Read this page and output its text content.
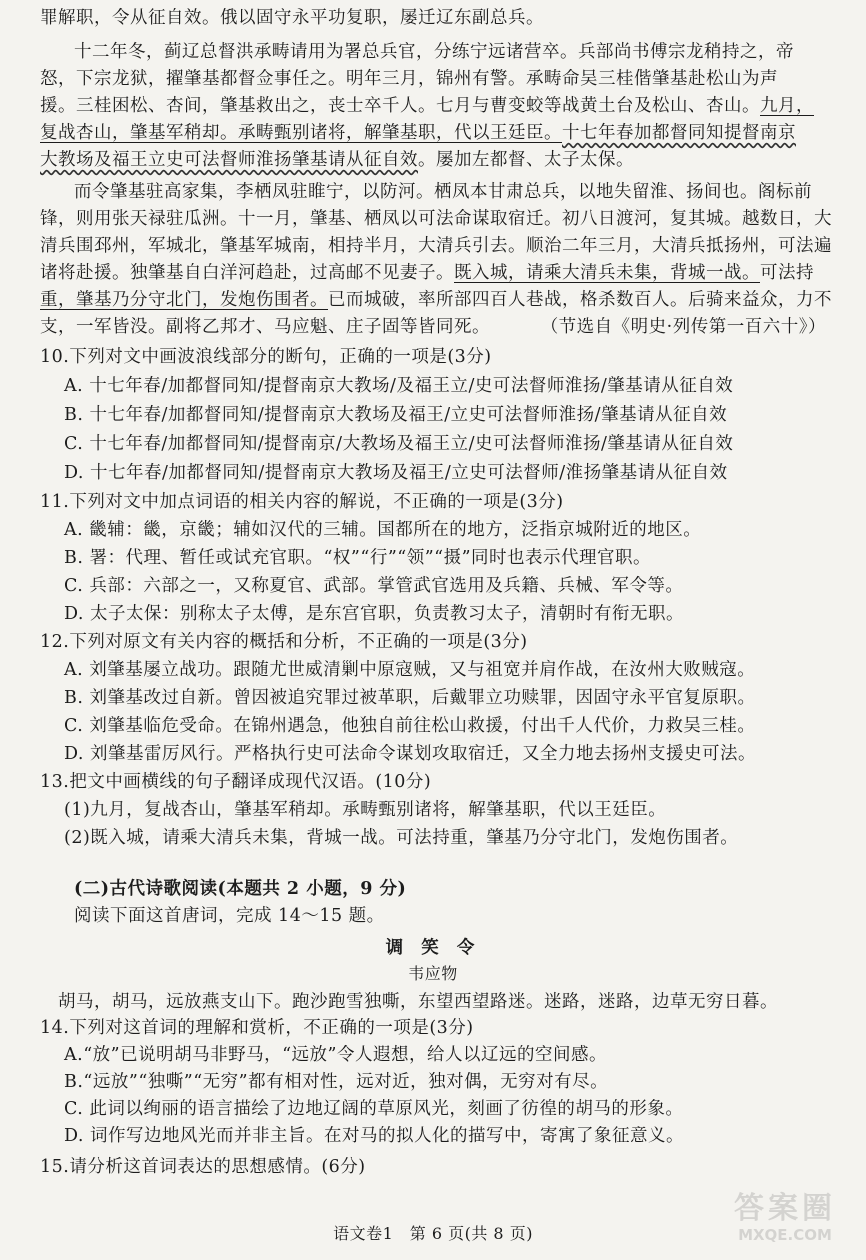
罪解职，令从征自效。俄以固守永平功复职，屡迁辽东副总兵。
十二年冬，蓟辽总督洪承畴请用为署总兵官，分练宁远诸营卒。兵部尚书傅宗龙稍持之，帝
怒，下宗龙狱，擢肇基都督佥事任之。明年三月，锦州有警。承畴命吴三桂偕肇基赴松山为声
援。三桂困松、杏间，肇基救出之，丧士卒千人。七月与曹变蛟等战黄土台及松山、杏山。九月，
复战杏山，肇基军稍却。承畴甄别诸将，解肇基职，代以王廷臣。十七年春加都督同知提督南京
大教场及福王立史可法督师淮扬肇基请从征自效。屡加左都督、太子太保。
而令肇基驻高家集，李栖凤驻睢宁，以防河。栖凤本甘肃总兵，以地失留淮、扬间也。阁标前
锋，则用张天禄驻瓜洲。十一月，肇基、栖凤以可法命谋取宿迁。初八日渡河，复其城。越数日，大
清兵围邳州，军城北，肇基军城南，相持半月，大清兵引去。顺治二年三月，大清兵抵扬州，可法遍
诸将赴援。独肇基自白洋河趋赴，过高邮不见妻子。既入城，请乘大清兵未集，背城一战。可法持
重，肇基乃分守北门，发炮伤围者。已而城破，率所部四百人巷战，格杀数百人。后骑来益众，力不
支，一军皆没。副将乙邦才、马应魁、庄子固等皆同死。	（节选自《明史·列传第一百六十》）
10.下列对文中画波浪线部分的断句，正确的一项是(3分)
A. 十七年春/加都督同知/提督南京大教场/及福王立/史可法督师淮扬/肇基请从征自效
B. 十七年春/加都督同知/提督南京大教场及福王/立史可法督师淮扬/肇基请从征自效
C. 十七年春/加都督同知/提督南京/大教场及福王立/史可法督师淮扬/肇基请从征自效
D. 十七年春/加都督同知/提督南京大教场及福王/立史可法督师/淮扬肇基请从征自效
11.下列对文中加点词语的相关内容的解说，不正确的一项是(3分)
A. 畿辅：畿，京畿；辅如汉代的三辅。国都所在的地方，泛指京城附近的地区。
B. 署：代理、暂任或试充官职。“权”“行”“领”“摄”同时也表示代理官职。
C. 兵部：六部之一，又称夏官、武部。掌管武官选用及兵籍、兵械、军令等。
D. 太子太保：别称太子太傅，是东宫官职，负责教习太子，清朝时有衔无职。
12.下列对原文有关内容的概括和分析，不正确的一项是(3分)
A. 刘肇基屡立战功。跟随尤世威清剿中原寇贼，又与祖宽并肩作战，在汝州大败贼寇。
B. 刘肇基改过自新。曾因被追究罪过被革职，后戴罪立功赎罪，因固守永平官复原职。
C. 刘肇基临危受命。在锦州遇急，他独自前往松山救援，付出千人代价，力救吴三桂。
D. 刘肇基雷厉风行。严格执行史可法命令谋划攻取宿迁，又全力地去扬州支援史可法。
13.把文中画横线的句子翻译成现代汉语。(10分)
(1)九月，复战杏山，肇基军稍却。承畴甄别诸将，解肇基职，代以王廷臣。
(2)既入城，请乘大清兵未集，背城一战。可法持重，肇基乃分守北门，发炮伤围者。
(二)古代诗歌阅读(本题共 2 小题，9 分)
阅读下面这首唐词，完成 14～15 题。
调 笑 令
韦应物
胡马，胡马，远放燕支山下。跑沙跑雪独嘶，东望西望路迷。迷路，迷路，边草无穷日暮。
14.下列对这首词的理解和赏析，不正确的一项是(3分)
A.“放”已说明胡马非野马，“远放”令人遐想，给人以辽远的空间感。
B.“远放”“独嘶”“无穷”都有相对性，远对近，独对偶，无穷对有尽。
C. 此词以绚丽的语言描绘了边地辽阔的草原风光，刻画了彷徨的胡马的形象。
D. 词作写边地风光而并非主旨。在对马的拟人化的描写中，寄寓了象征意义。
15.请分析这首词表达的思想感情。(6分)
语文卷1　第 6 页(共 8 页)
答案圈
MXQE.COM
